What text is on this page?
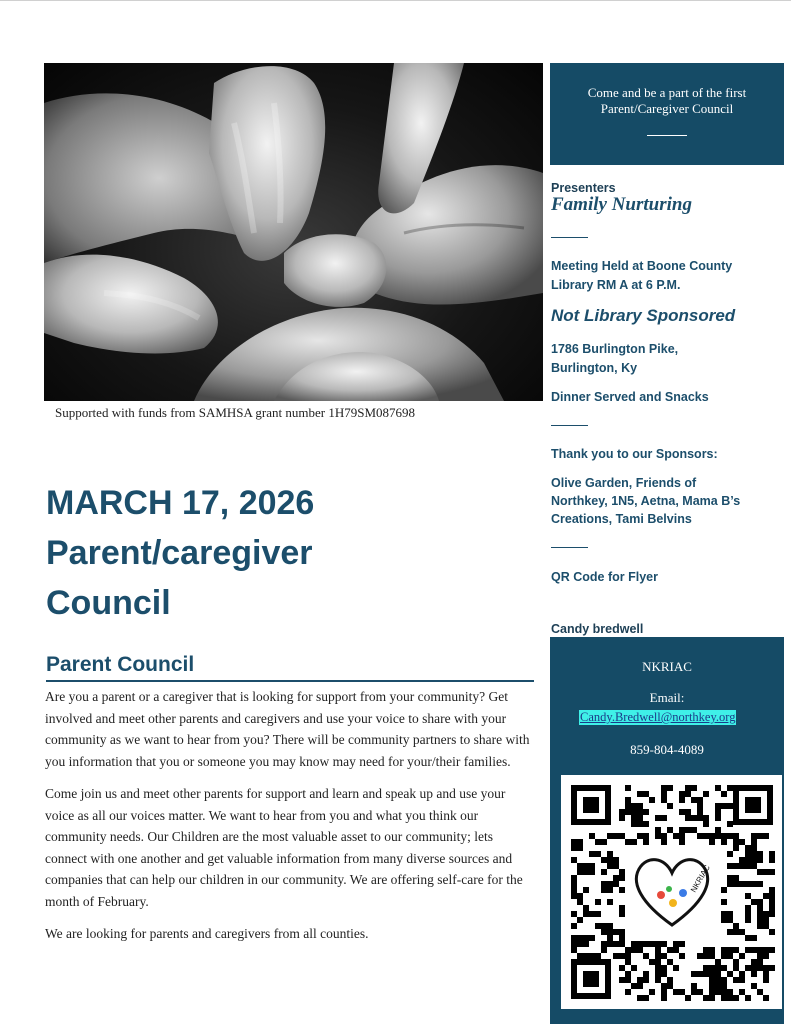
Supported with funds from SAMHSA grant number 1H79SM087698
MARCH 17, 2026
Parent/caregiver
Council
Parent Council

Are you a parent or a caregiver that is looking for support from your community? Get involved and meet other parents and caregivers and use your voice to share with your community as we want to hear from you? There will be community partners to share with you information that you or someone you may know may need for your/their families.

Come join us and meet other parents for support and learn and speak up and use your voice as all our voices matter. We want to hear from you and what you think our community needs. Our Children are the most valuable asset to our community; lets connect with one another and get valuable information from many diverse sources and companies that can help our children in our community. We are offering self-care for the month of February.

We are looking for parents and caregivers from all counties.

Come and be a part of the first
Parent/Caregiver Council
Presenters
Family Nurturing
Meeting Held at Boone County
Library RM A at 6 P.M.
Not Library Sponsored
1786 Burlington Pike,
Burlington, Ky
Dinner Served and Snacks
Thank you to our Sponsors:
Olive Garden, Friends of
Northkey, 1N5, Aetna, Mama B’s
Creations, Tami Belvins
QR Code for Flyer
Candy bredwell
NKRIAC
Email:
Candy.Bredwell@northkey.org
859-804-4089
NKRIAC
